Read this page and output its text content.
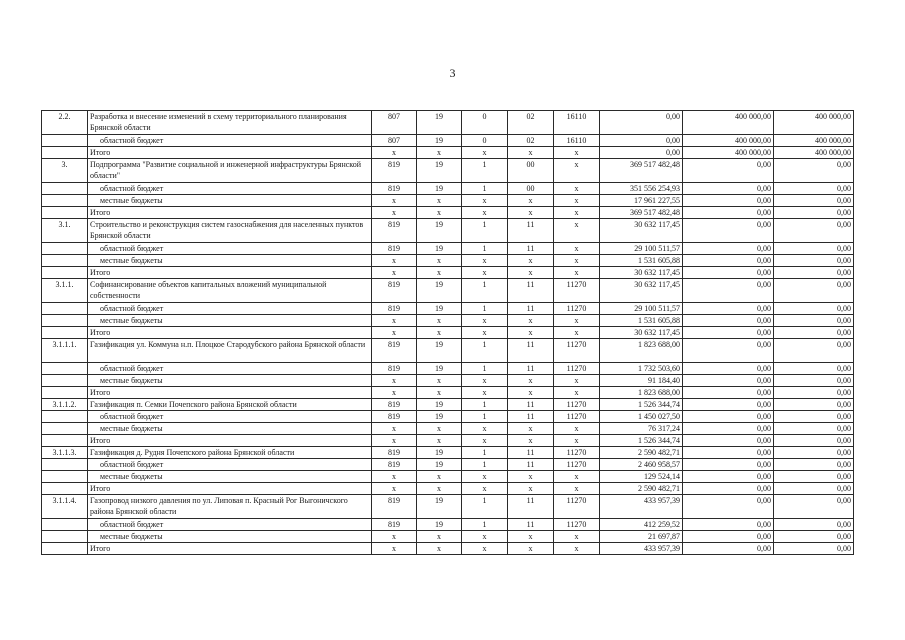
3
2.2.	Разработка и внесение изменений в схему территориального планирования Брянской области	807	19	0	02	16110	0,00	400 000,00	400 000,00
	областной бюджет	807	19	0	02	16110	0,00	400 000,00	400 000,00
	Итого	х	х	х	х	х	0,00	400 000,00	400 000,00
3.	Подпрограмма "Развитие социальной и инженерной инфраструктуры Брянской области"	819	19	1	00	х	369 517 482,48	0,00	0,00
	областной бюджет	819	19	1	00	х	351 556 254,93	0,00	0,00
	местные бюджеты	х	х	х	х	х	17 961 227,55	0,00	0,00
	Итого	х	х	х	х	х	369 517 482,48	0,00	0,00
3.1.	Строительство и реконструкция систем газоснабжения для населенных пунктов Брянской области	819	19	1	11	х	30 632 117,45	0,00	0,00
	областной бюджет	819	19	1	11	х	29 100 511,57	0,00	0,00
	местные бюджеты	х	х	х	х	х	1 531 605,88	0,00	0,00
	Итого	х	х	х	х	х	30 632 117,45	0,00	0,00
3.1.1.	Софинансирование объектов капитальных вложений муниципальной собственности	819	19	1	11	11270	30 632 117,45	0,00	0,00
	областной бюджет	819	19	1	11	11270	29 100 511,57	0,00	0,00
	местные бюджеты	х	х	х	х	х	1 531 605,88	0,00	0,00
	Итого	х	х	х	х	х	30 632 117,45	0,00	0,00
3.1.1.1.	Газификация ул. Коммуна н.п. Плоцкое Стародубского района Брянской области	819	19	1	11	11270	1 823 688,00	0,00	0,00
	областной бюджет	819	19	1	11	11270	1 732 503,60	0,00	0,00
	местные бюджеты	х	х	х	х	х	91 184,40	0,00	0,00
	Итого	х	х	х	х	х	1 823 688,00	0,00	0,00
3.1.1.2.	Газификация п. Семки Почепского района Брянской области	819	19	1	11	11270	1 526 344,74	0,00	0,00
	областной бюджет	819	19	1	11	11270	1 450 027,50	0,00	0,00
	местные бюджеты	х	х	х	х	х	76 317,24	0,00	0,00
	Итого	х	х	х	х	х	1 526 344,74	0,00	0,00
3.1.1.3.	Газификация д. Рудня Почепского района Брянской области	819	19	1	11	11270	2 590 482,71	0,00	0,00
	областной бюджет	819	19	1	11	11270	2 460 958,57	0,00	0,00
	местные бюджеты	х	х	х	х	х	129 524,14	0,00	0,00
	Итого	х	х	х	х	х	2 590 482,71	0,00	0,00
3.1.1.4.	Газопровод низкого давления по ул. Липовая п. Красный Рог Выгоничского района Брянской области	819	19	1	11	11270	433 957,39	0,00	0,00
	областной бюджет	819	19	1	11	11270	412 259,52	0,00	0,00
	местные бюджеты	х	х	х	х	х	21 697,87	0,00	0,00
	Итого	х	х	х	х	х	433 957,39	0,00	0,00
